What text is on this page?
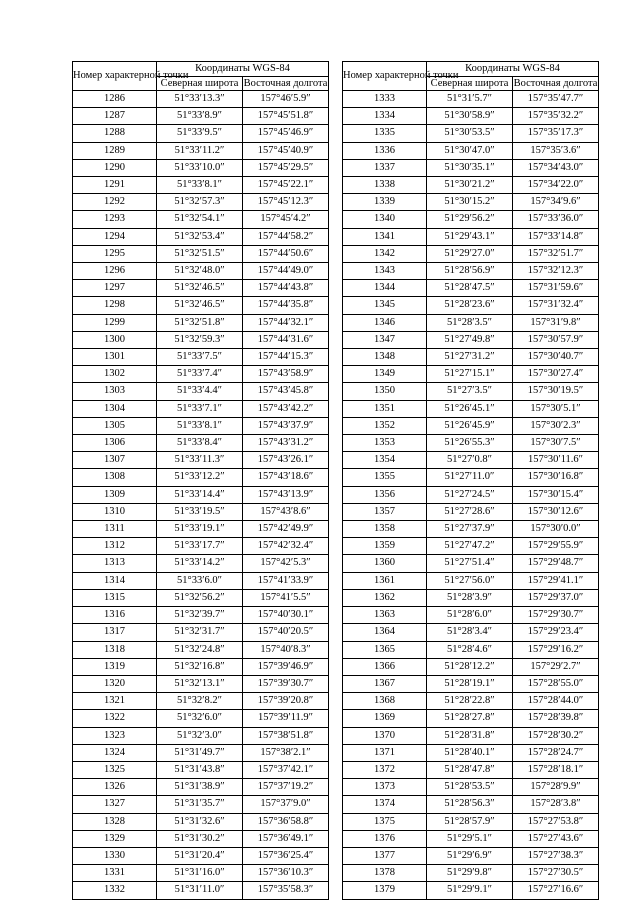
Номер характерной точки	Координаты WGS-84	
	Северная широта	Восточная долгота
1286	51°33′13.3″	157°46′5.9″
1287	51°33′8.9″	157°45′51.8″
1288	51°33′9.5″	157°45′46.9″
1289	51°33′11.2″	157°45′40.9″
1290	51°33′10.0″	157°45′29.5″
1291	51°33′8.1″	157°45′22.1″
1292	51°32′57.3″	157°45′12.3″
1293	51°32′54.1″	157°45′4.2″
1294	51°32′53.4″	157°44′58.2″
1295	51°32′51.5″	157°44′50.6″
1296	51°32′48.0″	157°44′49.0″
1297	51°32′46.5″	157°44′43.8″
1298	51°32′46.5″	157°44′35.8″
1299	51°32′51.8″	157°44′32.1″
1300	51°32′59.3″	157°44′31.6″
1301	51°33′7.5″	157°44′15.3″
1302	51°33′7.4″	157°43′58.9″
1303	51°33′4.4″	157°43′45.8″
1304	51°33′7.1″	157°43′42.2″
1305	51°33′8.1″	157°43′37.9″
1306	51°33′8.4″	157°43′31.2″
1307	51°33′11.3″	157°43′26.1″
1308	51°33′12.2″	157°43′18.6″
1309	51°33′14.4″	157°43′13.9″
1310	51°33′19.5″	157°43′8.6″
1311	51°33′19.1″	157°42′49.9″
1312	51°33′17.7″	157°42′32.4″
1313	51°33′14.2″	157°42′5.3″
1314	51°33′6.0″	157°41′33.9″
1315	51°32′56.2″	157°41′5.5″
1316	51°32′39.7″	157°40′30.1″
1317	51°32′31.7″	157°40′20.5″
1318	51°32′24.8″	157°40′8.3″
1319	51°32′16.8″	157°39′46.9″
1320	51°32′13.1″	157°39′30.7″
1321	51°32′8.2″	157°39′20.8″
1322	51°32′6.0″	157°39′11.9″
1323	51°32′3.0″	157°38′51.8″
1324	51°31′49.7″	157°38′2.1″
1325	51°31′43.8″	157°37′42.1″
1326	51°31′38.9″	157°37′19.2″
1327	51°31′35.7″	157°37′9.0″
1328	51°31′32.6″	157°36′58.8″
1329	51°31′30.2″	157°36′49.1″
1330	51°31′20.4″	157°36′25.4″
1331	51°31′16.0″	157°36′10.3″
1332	51°31′11.0″	157°35′58.3″
Номер характерной точки	Координаты WGS-84	
	Северная широта	Восточная долгота
1333	51°31′5.7″	157°35′47.7″
1334	51°30′58.9″	157°35′32.2″
1335	51°30′53.5″	157°35′17.3″
1336	51°30′47.0″	157°35′3.6″
1337	51°30′35.1″	157°34′43.0″
1338	51°30′21.2″	157°34′22.0″
1339	51°30′15.2″	157°34′9.6″
1340	51°29′56.2″	157°33′36.0″
1341	51°29′43.1″	157°33′14.8″
1342	51°29′27.0″	157°32′51.7″
1343	51°28′56.9″	157°32′12.3″
1344	51°28′47.5″	157°31′59.6″
1345	51°28′23.6″	157°31′32.4″
1346	51°28′3.5″	157°31′9.8″
1347	51°27′49.8″	157°30′57.9″
1348	51°27′31.2″	157°30′40.7″
1349	51°27′15.1″	157°30′27.4″
1350	51°27′3.5″	157°30′19.5″
1351	51°26′45.1″	157°30′5.1″
1352	51°26′45.9″	157°30′2.3″
1353	51°26′55.3″	157°30′7.5″
1354	51°27′0.8″	157°30′11.6″
1355	51°27′11.0″	157°30′16.8″
1356	51°27′24.5″	157°30′15.4″
1357	51°27′28.6″	157°30′12.6″
1358	51°27′37.9″	157°30′0.0″
1359	51°27′47.2″	157°29′55.9″
1360	51°27′51.4″	157°29′48.7″
1361	51°27′56.0″	157°29′41.1″
1362	51°28′3.9″	157°29′37.0″
1363	51°28′6.0″	157°29′30.7″
1364	51°28′3.4″	157°29′23.4″
1365	51°28′4.6″	157°29′16.2″
1366	51°28′12.2″	157°29′2.7″
1367	51°28′19.1″	157°28′55.0″
1368	51°28′22.8″	157°28′44.0″
1369	51°28′27.8″	157°28′39.8″
1370	51°28′31.8″	157°28′30.2″
1371	51°28′40.1″	157°28′24.7″
1372	51°28′47.8″	157°28′18.1″
1373	51°28′53.5″	157°28′9.9″
1374	51°28′56.3″	157°28′3.8″
1375	51°28′57.9″	157°27′53.8″
1376	51°29′5.1″	157°27′43.6″
1377	51°29′6.9″	157°27′38.3″
1378	51°29′9.8″	157°27′30.5″
1379	51°29′9.1″	157°27′16.6″
